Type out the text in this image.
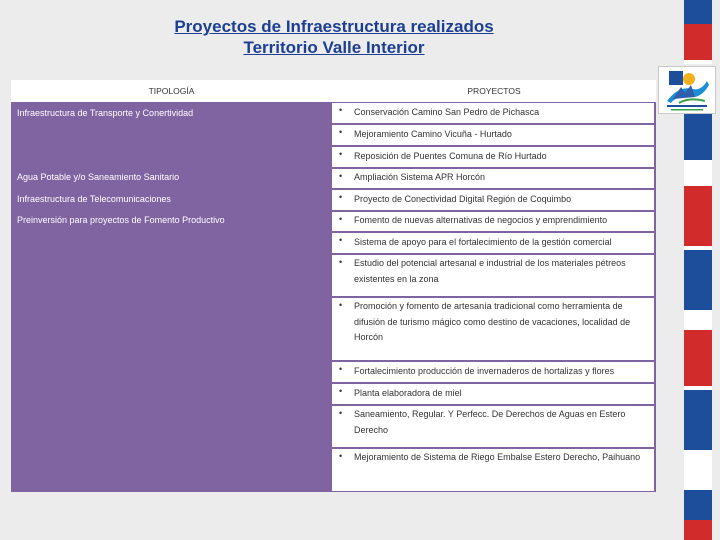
Proyectos de Infraestructura realizados
Territorio Valle Interior
TIPOLOGÍA	PROYECTOS
Infraestructura de Transporte y Conertividad
Agua Potable y/o Saneamiento Sanitario
Infraestructura de Telecomunicaciones
Preinversión para proyectos de Fomento Productivo
• Conservación Camino San Pedro de Pichasca
• Mejoramiento Camino Vicuña - Hurtado
• Reposición de Puentes Comuna de Río Hurtado
• Ampliación Sistema APR Horcón
• Proyecto de Conectividad Digital Región de Coquimbo
• Fomento de nuevas alternativas de negocios y emprendimiento
• Sistema de apoyo para el fortalecimiento de la gestión comercial
• Estudio del potencial artesanal e industrial de los materiales pétreos existentes en la zona
• Promoción y fomento de artesanía tradicional como herramienta de difusión de turismo mágico como destino de vacaciones, localidad de Horcón
• Fortalecimiento producción de invernaderos de hortalizas y flores
• Planta elaboradora de miel
• Saneamiento, Regular. Y Perfecc. De Derechos de Aguas en Estero Derecho
• Mejoramiento de Sistema de Riego Embalse Estero Derecho, Paihuano
